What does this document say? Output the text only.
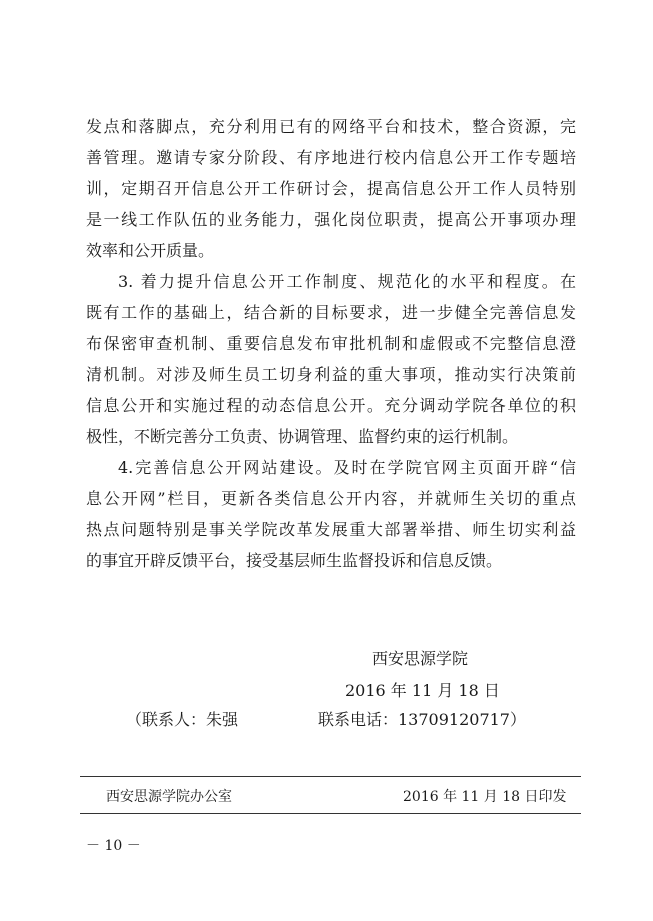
发点和落脚点，充分利用已有的网络平台和技术，整合资源，完
善管理。邀请专家分阶段、有序地进行校内信息公开工作专题培
训，定期召开信息公开工作研讨会，提高信息公开工作人员特别
是一线工作队伍的业务能力，强化岗位职责，提高公开事项办理
效率和公开质量。
3. 着力提升信息公开工作制度、规范化的水平和程度。在
既有工作的基础上，结合新的目标要求，进一步健全完善信息发
布保密审查机制、重要信息发布审批机制和虚假或不完整信息澄
清机制。对涉及师生员工切身利益的重大事项，推动实行决策前
信息公开和实施过程的动态信息公开。充分调动学院各单位的积
极性，不断完善分工负责、协调管理、监督约束的运行机制。
4.完善信息公开网站建设。及时在学院官网主页面开辟“信
息公开网”栏目，更新各类信息公开内容，并就师生关切的重点
热点问题特别是事关学院改革发展重大部署举措、师生切实利益
的事宜开辟反馈平台，接受基层师生监督投诉和信息反馈。
西安思源学院
2016 年 11 月 18 日
（联系人：朱强	联系电话：13709120717）
西安思源学院办公室	2016 年 11 月 18 日印发
－ 10 －
